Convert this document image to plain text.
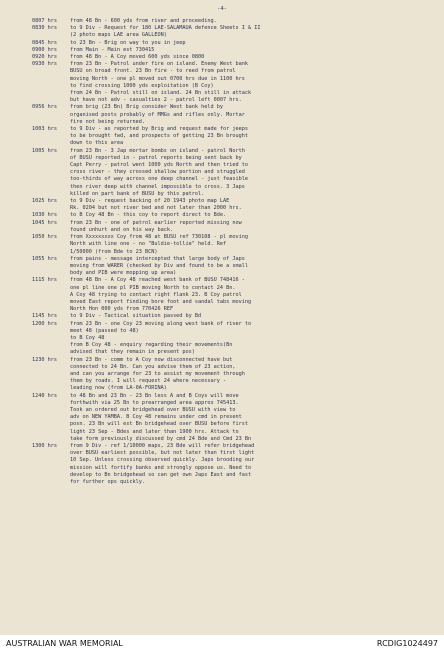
-4-
0807 hrs	from 48 Bn - 600 yds from river and proceeding.
0830 hrs	to 9 Div - Request for 180 LAE-SALAMAUA defence Sheets I & II
(2 photo maps LAE area GALLEON)
0845 hrs	to 23 Bn - Brig on way to you in jeep
0900 hrs	from Main - Main est 730415
0920 hrs	from 48 Bn - A Coy moved 600 yds since 0800
0930 hrs	from 23 Bn - Patrol under fire on island. Enemy West bank
BUSU on broad front. 23 Bn fire - to reed from patrol
moving North - one pl moved out 0700 hrs due in 1100 hrs
to find crossing 1000 yds exploitation (B Coy)
from 24 Bn - Patrol still on island. 24 Bn still in attack
but have not adv - casualties 2 - patrol left 0007 hrs.
0956 hrs	from brig (23 Bn) Brig consider West bank held by
organised posts probably of MMGs and rifles only. Mortar
fire not being returned.
1003 hrs	to 9 Div - as reported by Brig and request made for jeeps
to be brought fwd, and prospects of getting 23 Bn brought
down to this area
1005 hrs	from 23 Bn - 3 Jap mortar bombs on island - patrol North
of BUSU reported in - patrol reports being sent back by
Capt Perry - patrol went 1000 yds North and then tried to
cross river - they crossed shallow portion and struggled
too-thirds of way across one deep channel - just feasible
then river deep with channel impossible to cross. 3 Japs
killed on part bank of BUSU by this patrol.
1025 hrs	to 9 Div - request backing of 20 1943 photo map LAE
Rk. 0204 but not river bed and not later than 2000 hrs.
1030 hrs	to B Coy 48 Bn - this coy to report direct to Bde.
1045 hrs	from 23 Bn - one of patrol earlier reported missing now
found unhurt and on his way back.
1050 hrs	from Xxxxxxxxx Coy from 48 at BUSU ref 730108 - pl moving
North with line one - no "Buldie-tollie" held. Ref
1/50000 (from Bde to 23 BCN)
1055 hrs	from pains - message intercepted that large body of Japs
moving from WARER (checked by Div and found to be a small
body and PIB were mopping up area)
1115 hrs	from 48 Bn - A Coy 48 reached west bank of BUSU 748416 -
one pl line one pl PIB moving North to contact 24 Bn.
A Coy 48 trying to contact right flank 23. B Coy patrol
moved East report finding bore foot and sandal tabs moving
North Hon 000 yds from 770426 REF
1145 hrs	to 9 Div - Tactical situation passed by Bd
1200 hrs	from 23 Bn - one Coy 23 moving along west bank of river to
meet 48 (passed to 48)
to B Coy 48
from B Coy 48 - enquiry regarding their movements(Bn
advised that they remain in present pos)
1230 hrs	from 23 Bn - comm to A Coy now disconnected have but
connected to 24 Bn. Can you advise them of 23 action,
and can you arrange for 23 to assist my movement through
them by roads. I will request 24 where necessary -
leading now (from LA-0A-FORINA)
1240 hrs	to 48 Bn and 23 Bn - 23 Bn less A and B Coys will move
forthwith via 25 Bn to prearranged area approx 745413.
Took an ordered out bridgehead over BUSU with view to
adv on NEW YAMBA. B Coy 48 remains under cmd in present
posn. 23 Bn will est Bn bridgehead over BUSU before first
light 23 Sep - Bdes and later than 1900 hrs. Attack to
take form previously discussed by cmd 24 Bde and Cmd 23 Bn
1300 hrs	from 9 Div - ref 1/10000 maps, 23 Bde will refer bridgehead
over BUSU earliest possible, but not later than first light
10 Sep. Unless crossing observed quickly. Japs brooding our
mission will fortify banks and strongly oppose us. Need to
develop to Bn bridgehead so can get own Japs East and fast
for further ops quickly.
AUSTRALIAN WAR MEMORIAL	RCDIG1024497
